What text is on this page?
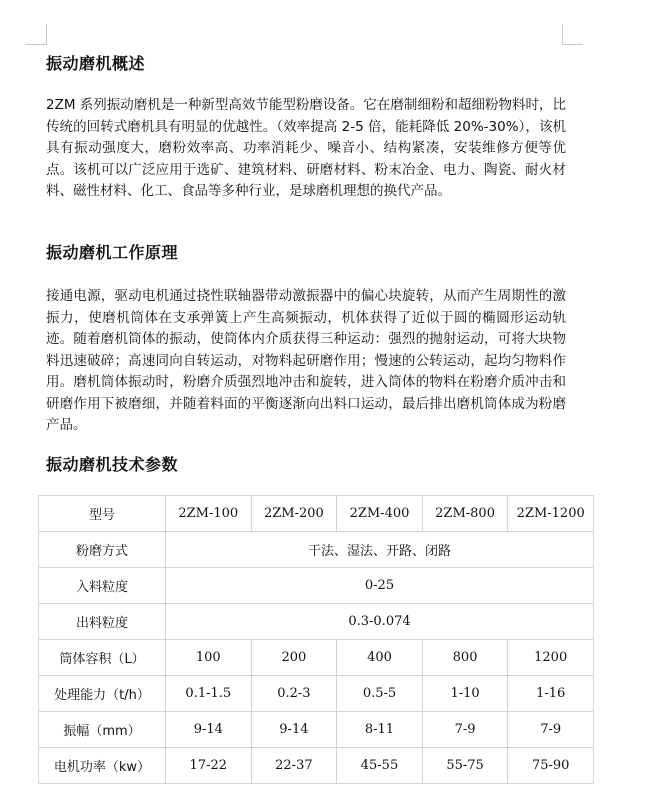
振动磨机概述

2ZM 系列振动磨机是一种新型高效节能型粉磨设备。它在磨制细粉和超细粉物料时，比传统的回转式磨机具有明显的优越性。（效率提高 2-5 倍，能耗降低 20%-30%），该机具有振动强度大，磨粉效率高、功率消耗少、噪音小、结构紧凑，安装维修方便等优点。该机可以广泛应用于选矿、建筑材料、研磨材料、粉末冶金、电力、陶瓷、耐火材料、磁性材料、化工、食品等多种行业，是球磨机理想的换代产品。

振动磨机工作原理

接通电源，驱动电机通过挠性联轴器带动激振器中的偏心块旋转，从而产生周期性的激振力，使磨机筒体在支承弹簧上产生高频振动，机体获得了近似于圆的椭圆形运动轨迹。随着磨机筒体的振动，使筒体内介质获得三种运动：强烈的抛射运动，可将大块物料迅速破碎；高速同向自转运动，对物料起研磨作用；慢速的公转运动，起均匀物料作用。磨机筒体振动时，粉磨介质强烈地冲击和旋转，进入筒体的物料在粉磨介质冲击和研磨作用下被磨细，并随着料面的平衡逐渐向出料口运动，最后排出磨机筒体成为粉磨产品。

振动磨机技术参数
型号	2ZM-100	2ZM-200	2ZM-400	2ZM-800	2ZM-1200
粉磨方式	干法、湿法、开路、闭路				
入料粒度	0-25				
出料粒度	0.3-0.074				
筒体容积（L）	100	200	400	800	1200
处理能力（t/h）	0.1-1.5	0.2-3	0.5-5	1-10	1-16
振幅（mm）	9-14	9-14	8-11	7-9	7-9
电机功率（kw）	17-22	22-37	45-55	55-75	75-90
